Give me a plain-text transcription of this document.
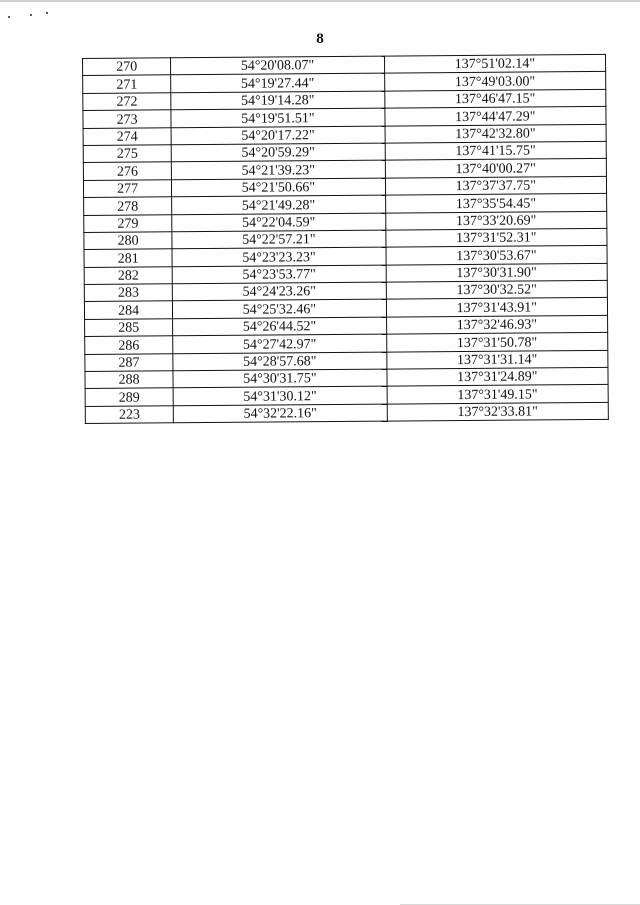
8
270	54°20'08.07"	137°51'02.14"
271	54°19'27.44"	137°49'03.00"
272	54°19'14.28"	137°46'47.15"
273	54°19'51.51"	137°44'47.29"
274	54°20'17.22"	137°42'32.80"
275	54°20'59.29"	137°41'15.75"
276	54°21'39.23"	137°40'00.27"
277	54°21'50.66"	137°37'37.75"
278	54°21'49.28"	137°35'54.45"
279	54°22'04.59"	137°33'20.69"
280	54°22'57.21"	137°31'52.31"
281	54°23'23.23"	137°30'53.67"
282	54°23'53.77"	137°30'31.90"
283	54°24'23.26"	137°30'32.52"
284	54°25'32.46"	137°31'43.91"
285	54°26'44.52"	137°32'46.93"
286	54°27'42.97"	137°31'50.78"
287	54°28'57.68"	137°31'31.14"
288	54°30'31.75"	137°31'24.89"
289	54°31'30.12"	137°31'49.15"
223	54°32'22.16"	137°32'33.81"
